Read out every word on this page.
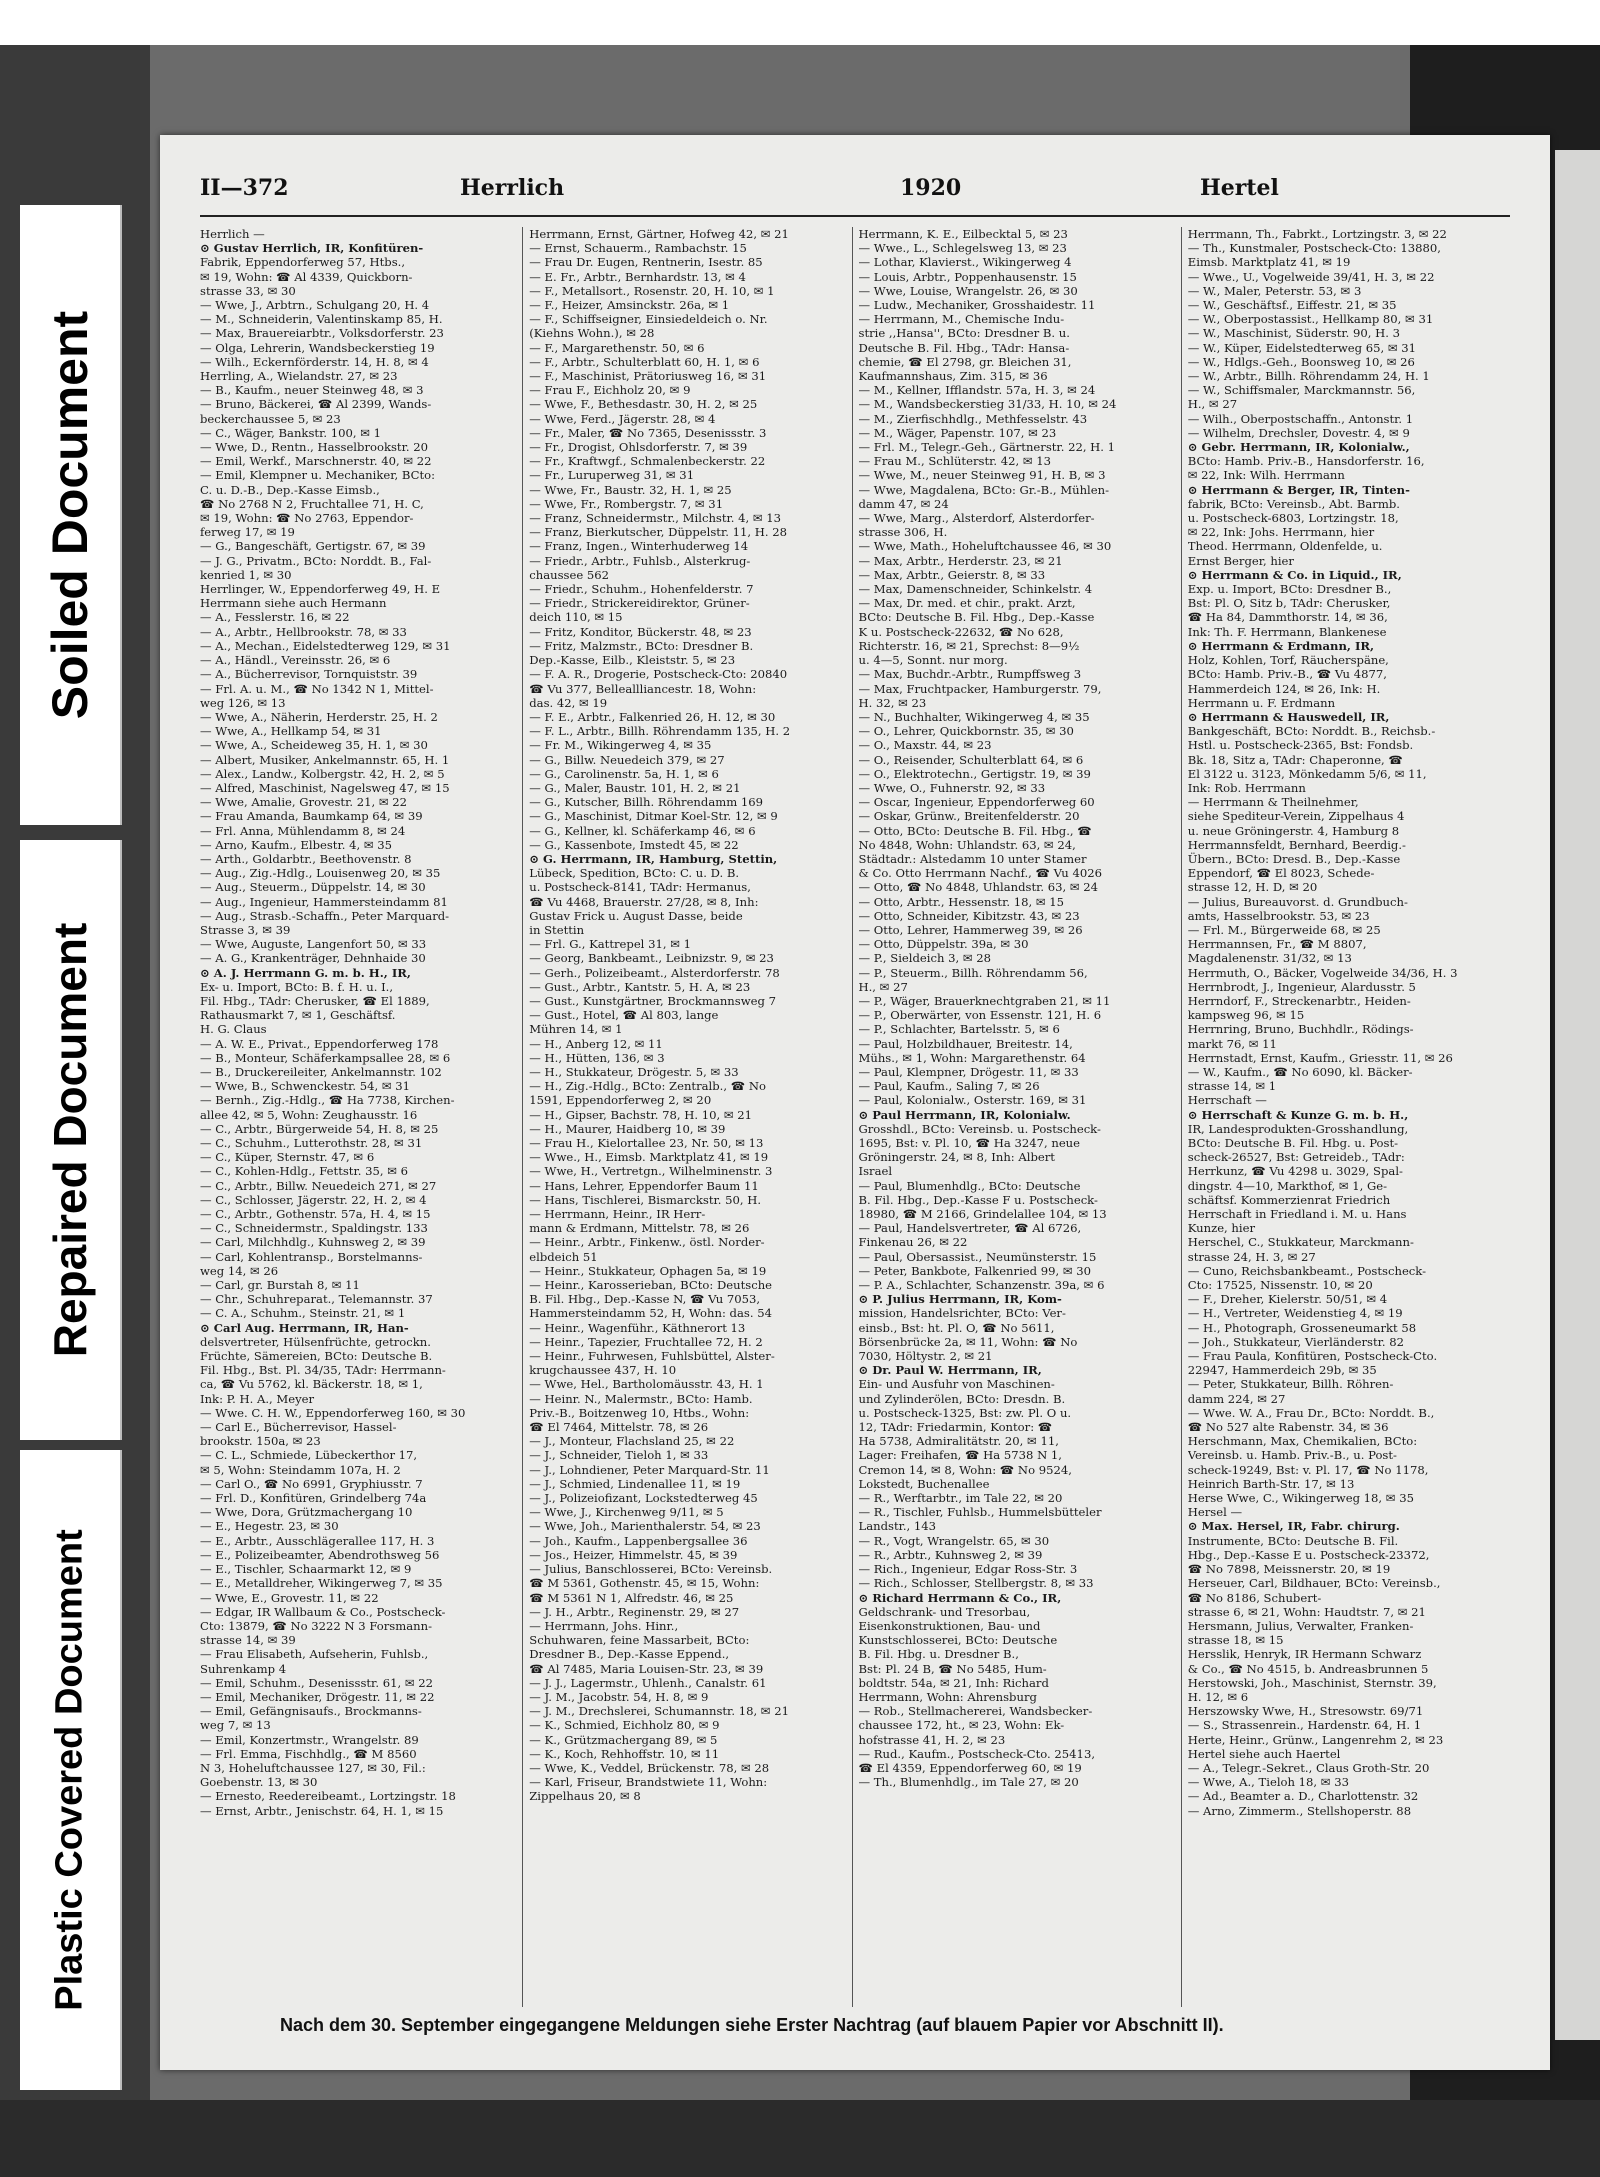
Soiled Document
Repaired Document
Plastic Covered Document
II—372	Herrlich	1920	Hertel
Herrlich —
⊙ Gustav Herrlich, IR, Konfitüren-
Fabrik, Eppendorferweg 57, Htbs.,
✉ 19, Wohn: ☎ Al 4339, Quickborn-
strasse 33, ✉ 30
— Wwe, J., Arbtrn., Schulgang 20, H. 4
— M., Schneiderin, Valentinskamp 85, H.
— Max, Brauereiarbtr., Volksdorferstr. 23
— Olga, Lehrerin, Wandsbeckerstieg 19
— Wilh., Eckernförderstr. 14, H. 8, ✉ 4
Herrling, A., Wielandstr. 27, ✉ 23
— B., Kaufm., neuer Steinweg 48, ✉ 3
— Bruno, Bäckerei, ☎ Al 2399, Wands-
beckerchaussee 5, ✉ 23
— C., Wäger, Bankstr. 100, ✉ 1
— Wwe, D., Rentn., Hasselbrookstr. 20
— Emil, Werkf., Marschnerstr. 40, ✉ 22
— Emil, Klempner u. Mechaniker, BCto:
C. u. D.-B., Dep.-Kasse Eimsb.,
☎ No 2768 N 2, Fruchtallee 71, H. C,
✉ 19, Wohn: ☎ No 2763, Eppendor-
ferweg 17, ✉ 19
— G., Bangeschäft, Gertigstr. 67, ✉ 39
— J. G., Privatm., BCto: Norddt. B., Fal-
kenried 1, ✉ 30
Herrlinger, W., Eppendorferweg 49, H. E
Herrmann siehe auch Hermann
— A., Fesslerstr. 16, ✉ 22
— A., Arbtr., Hellbrookstr. 78, ✉ 33
— A., Mechan., Eidelstedterweg 129, ✉ 31
— A., Händl., Vereinsstr. 26, ✉ 6
— A., Bücherrevisor, Tornquiststr. 39
— Frl. A. u. M., ☎ No 1342 N 1, Mittel-
weg 126, ✉ 13
— Wwe, A., Näherin, Herderstr. 25, H. 2
— Wwe, A., Hellkamp 54, ✉ 31
— Wwe, A., Scheideweg 35, H. 1, ✉ 30
— Albert, Musiker, Ankelmannstr. 65, H. 1
— Alex., Landw., Kolbergstr. 42, H. 2, ✉ 5
— Alfred, Maschinist, Nagelsweg 47, ✉ 15
— Wwe, Amalie, Grovestr. 21, ✉ 22
— Frau Amanda, Baumkamp 64, ✉ 39
— Frl. Anna, Mühlendamm 8, ✉ 24
— Arno, Kaufm., Elbestr. 4, ✉ 35
— Arth., Goldarbtr., Beethovenstr. 8
— Aug., Zig.-Hdlg., Louisenweg 20, ✉ 35
— Aug., Steuerm., Düppelstr. 14, ✉ 30
— Aug., Ingenieur, Hammersteindamm 81
— Aug., Strasb.-Schaffn., Peter Marquard-
Strasse 3, ✉ 39
— Wwe, Auguste, Langenfort 50, ✉ 33
— A. G., Krankenträger, Dehnhaide 30
⊙ A. J. Herrmann G. m. b. H., IR,
Ex- u. Import, BCto: B. f. H. u. I.,
Fil. Hbg., TAdr: Cherusker, ☎ El 1889,
Rathausmarkt 7, ✉ 1, Geschäftsf.
H. G. Claus
— A. W. E., Privat., Eppendorferweg 178
— B., Monteur, Schäferkampsallee 28, ✉ 6
— B., Druckereileiter, Ankelmannstr. 102
— Wwe, B., Schwenckestr. 54, ✉ 31
— Bernh., Zig.-Hdlg., ☎ Ha 7738, Kirchen-
allee 42, ✉ 5, Wohn: Zeughausstr. 16
— C., Arbtr., Bürgerweide 54, H. 8, ✉ 25
— C., Schuhm., Lutterothstr. 28, ✉ 31
— C., Küper, Sternstr. 47, ✉ 6
— C., Kohlen-Hdlg., Fettstr. 35, ✉ 6
— C., Arbtr., Billw. Neuedeich 271, ✉ 27
— C., Schlosser, Jägerstr. 22, H. 2, ✉ 4
— C., Arbtr., Gothenstr. 57a, H. 4, ✉ 15
— C., Schneidermstr., Spaldingstr. 133
— Carl, Milchhdlg., Kuhnsweg 2, ✉ 39
— Carl, Kohlentransp., Borstelmanns-
weg 14, ✉ 26
— Carl, gr. Burstah 8, ✉ 11
— Chr., Schuhreparat., Telemannstr. 37
— C. A., Schuhm., Steinstr. 21, ✉ 1
⊙ Carl Aug. Herrmann, IR, Han-
delsvertreter, Hülsenfrüchte, getrockn.
Früchte, Sämereien, BCto: Deutsche B.
Fil. Hbg., Bst. Pl. 34/35, TAdr: Herrmann-
ca, ☎ Vu 5762, kl. Bäckerstr. 18, ✉ 1,
Ink: P. H. A., Meyer
— Wwe. C. H. W., Eppendorferweg 160, ✉ 30
— Carl E., Bücherrevisor, Hassel-
brookstr. 150a, ✉ 23
— C. L., Schmiede, Lübeckerthor 17,
✉ 5, Wohn: Steindamm 107a, H. 2
— Carl O., ☎ No 6991, Gryphiusstr. 7
— Frl. D., Konfitüren, Grindelberg 74a
— Wwe, Dora, Grützmachergang 10
— E., Hegestr. 23, ✉ 30
— E., Arbtr., Ausschlägerallee 117, H. 3
— E., Polizeibeamter, Abendrothsweg 56
— E., Tischler, Schaarmarkt 12, ✉ 9
— E., Metalldreher, Wikingerweg 7, ✉ 35
— Wwe, E., Grovestr. 11, ✉ 22
— Edgar, IR Wallbaum & Co., Postscheck-
Cto: 13879, ☎ No 3222 N 3 Forsmann-
strasse 14, ✉ 39
— Frau Elisabeth, Aufseherin, Fuhlsb.,
Suhrenkamp 4
— Emil, Schuhm., Desenissstr. 61, ✉ 22
— Emil, Mechaniker, Drögestr. 11, ✉ 22
— Emil, Gefängnisaufs., Brockmanns-
weg 7, ✉ 13
— Emil, Konzertmstr., Wrangelstr. 89
— Frl. Emma, Fischhdlg., ☎ M 8560
N 3, Hoheluftchaussee 127, ✉ 30, Fil.:
Goebenstr. 13, ✉ 30
— Ernesto, Reedereibeamt., Lortzingstr. 18
— Ernst, Arbtr., Jenischstr. 64, H. 1, ✉ 15
Herrmann, Ernst, Gärtner, Hofweg 42, ✉ 21
— Ernst, Schauerm., Rambachstr. 15
— Frau Dr. Eugen, Rentnerin, Isestr. 85
— E. Fr., Arbtr., Bernhardstr. 13, ✉ 4
— F., Metallsort., Rosenstr. 20, H. 10, ✉ 1
— F., Heizer, Amsinckstr. 26a, ✉ 1
— F., Schiffseigner, Einsiedeldeich o. Nr.
(Kiehns Wohn.), ✉ 28
— F., Margarethenstr. 50, ✉ 6
— F., Arbtr., Schulterblatt 60, H. 1, ✉ 6
— F., Maschinist, Prätoriusweg 16, ✉ 31
— Frau F., Eichholz 20, ✉ 9
— Wwe, F., Bethesdastr. 30, H. 2, ✉ 25
— Wwe, Ferd., Jägerstr. 28, ✉ 4
— Fr., Maler, ☎ No 7365, Desenissstr. 3
— Fr., Drogist, Ohlsdorferstr. 7, ✉ 39
— Fr., Kraftwgf., Schmalenbeckerstr. 22
— Fr., Luruperweg 31, ✉ 31
— Wwe, Fr., Baustr. 32, H. 1, ✉ 25
— Wwe, Fr., Rombergstr. 7, ✉ 31
— Franz, Schneidermstr., Milchstr. 4, ✉ 13
— Franz, Bierkutscher, Düppelstr. 11, H. 28
— Franz, Ingen., Winterhuderweg 14
— Friedr., Arbtr., Fuhlsb., Alsterkrug-
chaussee 562
— Friedr., Schuhm., Hohenfelderstr. 7
— Friedr., Strickereidirektor, Grüner-
deich 110, ✉ 15
— Fritz, Konditor, Bückerstr. 48, ✉ 23
— Fritz, Malzmstr., BCto: Dresdner B.
Dep.-Kasse, Eilb., Kleiststr. 5, ✉ 23
— F. A. R., Drogerie, Postscheck-Cto: 20840
☎ Vu 377, Belleallliancestr. 18, Wohn:
das. 42, ✉ 19
— F. E., Arbtr., Falkenried 26, H. 12, ✉ 30
— F. L., Arbtr., Billh. Röhrendamm 135, H. 2
— Fr. M., Wikingerweg 4, ✉ 35
— G., Billw. Neuedeich 379, ✉ 27
— G., Carolinenstr. 5a, H. 1, ✉ 6
— G., Maler, Baustr. 101, H. 2, ✉ 21
— G., Kutscher, Billh. Röhrendamm 169
— G., Maschinist, Ditmar Koel-Str. 12, ✉ 9
— G., Kellner, kl. Schäferkamp 46, ✉ 6
— G., Kassenbote, Imstedt 45, ✉ 22
⊙ G. Herrmann, IR, Hamburg, Stettin,
Lübeck, Spedition, BCto: C. u. D. B.
u. Postscheck-8141, TAdr: Hermanus,
☎ Vu 4468, Brauerstr. 27/28, ✉ 8, Inh:
Gustav Frick u. August Dasse, beide
in Stettin
— Frl. G., Kattrepel 31, ✉ 1
— Georg, Bankbeamt., Leibnizstr. 9, ✉ 23
— Gerh., Polizeibeamt., Alsterdorferstr. 78
— Gust., Arbtr., Kantstr. 5, H. A, ✉ 23
— Gust., Kunstgärtner, Brockmannsweg 7
— Gust., Hotel, ☎ Al 803, lange
Mühren 14, ✉ 1
— H., Anberg 12, ✉ 11
— H., Hütten, 136, ✉ 3
— H., Stukkateur, Drögestr. 5, ✉ 33
— H., Zig.-Hdlg., BCto: Zentralb., ☎ No
1591, Eppendorferweg 2, ✉ 20
— H., Gipser, Bachstr. 78, H. 10, ✉ 21
— H., Maurer, Haidberg 10, ✉ 39
— Frau H., Kielortallee 23, Nr. 50, ✉ 13
— Wwe., H., Eimsb. Marktplatz 41, ✉ 19
— Wwe, H., Vertretgn., Wilhelminenstr. 3
— Hans, Lehrer, Eppendorfer Baum 11
— Hans, Tischlerei, Bismarckstr. 50, H.
— Herrmann, Heinr., IR Herr-
mann & Erdmann, Mittelstr. 78, ✉ 26
— Heinr., Arbtr., Finkenw., östl. Norder-
elbdeich 51
— Heinr., Stukkateur, Ophagen 5a, ✉ 19
— Heinr., Karosserieban, BCto: Deutsche
B. Fil. Hbg., Dep.-Kasse N, ☎ Vu 7053,
Hammersteindamm 52, H, Wohn: das. 54
— Heinr., Wagenführ., Käthnerort 13
— Heinr., Tapezier, Fruchtallee 72, H. 2
— Heinr., Fuhrwesen, Fuhlsbüttel, Alster-
krugchaussee 437, H. 10
— Wwe, Hel., Bartholomäusstr. 43, H. 1
— Heinr. N., Malermstr., BCto: Hamb.
Priv.-B., Boitzenweg 10, Htbs., Wohn:
☎ El 7464, Mittelstr. 78, ✉ 26
— J., Monteur, Flachsland 25, ✉ 22
— J., Schneider, Tieloh 1, ✉ 33
— J., Lohndiener, Peter Marquard-Str. 11
— J., Schmied, Lindenallee 11, ✉ 19
— J., Polizeiofizant, Lockstedterweg 45
— Wwe, J., Kirchenweg 9/11, ✉ 5
— Wwe, Joh., Marienthalerstr. 54, ✉ 23
— Joh., Kaufm., Lappenbergsallee 36
— Jos., Heizer, Himmelstr. 45, ✉ 39
— Julius, Banschlosserei, BCto: Vereinsb.
☎ M 5361, Gothenstr. 45, ✉ 15, Wohn:
☎ M 5361 N 1, Alfredstr. 46, ✉ 25
— J. H., Arbtr., Reginenstr. 29, ✉ 27
— Herrmann, Johs. Hinr.,
Schuhwaren, feine Massarbeit, BCto:
Dresdner B., Dep.-Kasse Eppend.,
☎ Al 7485, Maria Louisen-Str. 23, ✉ 39
— J. J., Lagermstr., Uhlenh., Canalstr. 61
— J. M., Jacobstr. 54, H. 8, ✉ 9
— J. M., Drechslerei, Schumannstr. 18, ✉ 21
— K., Schmied, Eichholz 80, ✉ 9
— K., Grützmachergang 89, ✉ 5
— K., Koch, Rehhoffstr. 10, ✉ 11
— Wwe, K., Veddel, Brückenstr. 78, ✉ 28
— Karl, Friseur, Brandstwiete 11, Wohn:
Zippelhaus 20, ✉ 8
Herrmann, K. E., Eilbecktal 5, ✉ 23
— Wwe., L., Schlegelsweg 13, ✉ 23
— Lothar, Klavierst., Wikingerweg 4
— Louis, Arbtr., Poppenhausenstr. 15
— Wwe, Louise, Wrangelstr. 26, ✉ 30
— Ludw., Mechaniker, Grosshaidestr. 11
— Herrmann, M., Chemische Indu-
strie ,,Hansa'', BCto: Dresdner B. u.
Deutsche B. Fil. Hbg., TAdr: Hansa-
chemie, ☎ El 2798, gr. Bleichen 31,
Kaufmannshaus, Zim. 315, ✉ 36
— M., Kellner, Ifflandstr. 57a, H. 3, ✉ 24
— M., Wandsbeckerstieg 31/33, H. 10, ✉ 24
— M., Zierfischhdlg., Methfesselstr. 43
— M., Wäger, Papenstr. 107, ✉ 23
— Frl. M., Telegr.-Geh., Gärtnerstr. 22, H. 1
— Frau M., Schlüterstr. 42, ✉ 13
— Wwe, M., neuer Steinweg 91, H. B, ✉ 3
— Wwe, Magdalena, BCto: Gr.-B., Mühlen-
damm 47, ✉ 24
— Wwe, Marg., Alsterdorf, Alsterdorfer-
strasse 306, H.
— Wwe, Math., Hoheluftchaussee 46, ✉ 30
— Max, Arbtr., Herderstr. 23, ✉ 21
— Max, Arbtr., Geierstr. 8, ✉ 33
— Max, Damenschneider, Schinkelstr. 4
— Max, Dr. med. et chir., prakt. Arzt,
BCto: Deutsche B. Fil. Hbg., Dep.-Kasse
K u. Postscheck-22632, ☎ No 628,
Richterstr. 16, ✉ 21, Sprechst: 8—9½
u. 4—5, Sonnt. nur morg.
— Max, Buchdr.-Arbtr., Rumpffsweg 3
— Max, Fruchtpacker, Hamburgerstr. 79,
H. 32, ✉ 23
— N., Buchhalter, Wikingerweg 4, ✉ 35
— O., Lehrer, Quickbornstr. 35, ✉ 30
— O., Maxstr. 44, ✉ 23
— O., Reisender, Schulterblatt 64, ✉ 6
— O., Elektrotechn., Gertigstr. 19, ✉ 39
— Wwe, O., Fuhnerstr. 92, ✉ 33
— Oscar, Ingenieur, Eppendorferweg 60
— Oskar, Grünw., Breitenfelderstr. 20
— Otto, BCto: Deutsche B. Fil. Hbg., ☎
No 4848, Wohn: Uhlandstr. 63, ✉ 24,
Städtadr.: Alstedamm 10 unter Stamer
& Co. Otto Herrmann Nachf., ☎ Vu 4026
— Otto, ☎ No 4848, Uhlandstr. 63, ✉ 24
— Otto, Arbtr., Hessenstr. 18, ✉ 15
— Otto, Schneider, Kibitzstr. 43, ✉ 23
— Otto, Lehrer, Hammerweg 39, ✉ 26
— Otto, Düppelstr. 39a, ✉ 30
— P., Sieldeich 3, ✉ 28
— P., Steuerm., Billh. Röhrendamm 56,
H., ✉ 27
— P., Wäger, Brauerknechtgraben 21, ✉ 11
— P., Oberwärter, von Essenstr. 121, H. 6
— P., Schlachter, Bartelsstr. 5, ✉ 6
— Paul, Holzbildhauer, Breitestr. 14,
Mühs., ✉ 1, Wohn: Margarethenstr. 64
— Paul, Klempner, Drögestr. 11, ✉ 33
— Paul, Kaufm., Saling 7, ✉ 26
— Paul, Kolonialw., Osterstr. 169, ✉ 31
⊙ Paul Herrmann, IR, Kolonialw.
Grosshdl., BCto: Vereinsb. u. Postscheck-
1695, Bst: v. Pl. 10, ☎ Ha 3247, neue
Gröningerstr. 24, ✉ 8, Inh: Albert
Israel
— Paul, Blumenhdlg., BCto: Deutsche
B. Fil. Hbg., Dep.-Kasse F u. Postscheck-
18980, ☎ M 2166, Grindelallee 104, ✉ 13
— Paul, Handelsvertreter, ☎ Al 6726,
Finkenau 26, ✉ 22
— Paul, Obersassist., Neumünsterstr. 15
— Peter, Bankbote, Falkenried 99, ✉ 30
— P. A., Schlachter, Schanzenstr. 39a, ✉ 6
⊙ P. Julius Herrmann, IR, Kom-
mission, Handelsrichter, BCto: Ver-
einsb., Bst: ht. Pl. O, ☎ No 5611,
Börsenbrücke 2a, ✉ 11, Wohn: ☎ No
7030, Höltystr. 2, ✉ 21
⊙ Dr. Paul W. Herrmann, IR,
Ein- und Ausfuhr von Maschinen-
und Zylinderölen, BCto: Dresdn. B.
u. Postscheck-1325, Bst: zw. Pl. O u.
12, TAdr: Friedarmin, Kontor: ☎
Ha 5738, Admiralitätstr. 20, ✉ 11,
Lager: Freihafen, ☎ Ha 5738 N 1,
Cremon 14, ✉ 8, Wohn: ☎ No 9524,
Lokstedt, Buchenallee
— R., Werftarbtr., im Tale 22, ✉ 20
— R., Tischler, Fuhlsb., Hummelsbütteler
Landstr., 143
— R., Vogt, Wrangelstr. 65, ✉ 30
— R., Arbtr., Kuhnsweg 2, ✉ 39
— Rich., Ingenieur, Edgar Ross-Str. 3
— Rich., Schlosser, Stellbergstr. 8, ✉ 33
⊙ Richard Herrmann & Co., IR,
Geldschrank- und Tresorbau,
Eisenkonstruktionen, Bau- und
Kunstschlosserei, BCto: Deutsche
B. Fil. Hbg. u. Dresdner B.,
Bst: Pl. 24 B, ☎ No 5485, Hum-
boldtstr. 54a, ✉ 21, Inh: Richard
Herrmann, Wohn: Ahrensburg
— Rob., Stellmachererei, Wandsbecker-
chaussee 172, ht., ✉ 23, Wohn: Ek-
hofstrasse 41, H. 2, ✉ 23
— Rud., Kaufm., Postscheck-Cto. 25413,
☎ El 4359, Eppendorferweg 60, ✉ 19
— Th., Blumenhdlg., im Tale 27, ✉ 20
Herrmann, Th., Fabrkt., Lortzingstr. 3, ✉ 22
— Th., Kunstmaler, Postscheck-Cto: 13880,
Eimsb. Marktplatz 41, ✉ 19
— Wwe., U., Vogelweide 39/41, H. 3, ✉ 22
— W., Maler, Peterstr. 53, ✉ 3
— W., Geschäftsf., Eiffestr. 21, ✉ 35
— W., Oberpostassist., Hellkamp 80, ✉ 31
— W., Maschinist, Süderstr. 90, H. 3
— W., Küper, Eidelstedterweg 65, ✉ 31
— W., Hdlgs.-Geh., Boonsweg 10, ✉ 26
— W., Arbtr., Billh. Röhrendamm 24, H. 1
— W., Schiffsmaler, Marckmannstr. 56,
H., ✉ 27
— Wilh., Oberpostschaffn., Antonstr. 1
— Wilhelm, Drechsler, Dovestr. 4, ✉ 9
⊙ Gebr. Herrmann, IR, Kolonialw.,
BCto: Hamb. Priv.-B., Hansdorferstr. 16,
✉ 22, Ink: Wilh. Herrmann
⊙ Herrmann & Berger, IR, Tinten-
fabrik, BCto: Vereinsb., Abt. Barmb.
u. Postscheck-6803, Lortzingstr. 18,
✉ 22, Ink: Johs. Herrmann, hier
Theod. Herrmann, Oldenfelde, u.
Ernst Berger, hier
⊙ Herrmann & Co. in Liquid., IR,
Exp. u. Import, BCto: Dresdner B.,
Bst: Pl. O, Sitz b, TAdr: Cherusker,
☎ Ha 84, Dammthorstr. 14, ✉ 36,
Ink: Th. F. Herrmann, Blankenese
⊙ Herrmann & Erdmann, IR,
Holz, Kohlen, Torf, Räucherspäne,
BCto: Hamb. Priv.-B., ☎ Vu 4877,
Hammerdeich 124, ✉ 26, Ink: H.
Herrmann u. F. Erdmann
⊙ Herrmann & Hauswedell, IR,
Bankgeschäft, BCto: Norddt. B., Reichsb.-
Hstl. u. Postscheck-2365, Bst: Fondsb.
Bk. 18, Sitz a, TAdr: Chaperonne, ☎
El 3122 u. 3123, Mönkedamm 5/6, ✉ 11,
Ink: Rob. Herrmann
— Herrmann & Theilnehmer,
siehe Spediteur-Verein, Zippelhaus 4
u. neue Gröningerstr. 4, Hamburg 8
Herrmannsfeldt, Bernhard, Beerdig.-
Übern., BCto: Dresd. B., Dep.-Kasse
Eppendorf, ☎ El 8023, Schede-
strasse 12, H. D, ✉ 20
— Julius, Bureauvorst. d. Grundbuch-
amts, Hasselbrookstr. 53, ✉ 23
— Frl. M., Bürgerweide 68, ✉ 25
Herrmannsen, Fr., ☎ M 8807,
Magdalenenstr. 31/32, ✉ 13
Herrmuth, O., Bäcker, Vogelweide 34/36, H. 3
Herrnbrodt, J., Ingenieur, Alardusstr. 5
Herrndorf, F., Streckenarbtr., Heiden-
kampsweg 96, ✉ 15
Herrnring, Bruno, Buchhdlr., Rödings-
markt 76, ✉ 11
Herrnstadt, Ernst, Kaufm., Griesstr. 11, ✉ 26
— W., Kaufm., ☎ No 6090, kl. Bäcker-
strasse 14, ✉ 1
Herrschaft —
⊙ Herrschaft & Kunze G. m. b. H.,
IR, Landesprodukten-Grosshandlung,
BCto: Deutsche B. Fil. Hbg. u. Post-
scheck-26527, Bst: Getreideb., TAdr:
Herrkunz, ☎ Vu 4298 u. 3029, Spal-
dingstr. 4—10, Markthof, ✉ 1, Ge-
schäftsf. Kommerzienrat Friedrich
Herrschaft in Friedland i. M. u. Hans
Kunze, hier
Herschel, C., Stukkateur, Marckmann-
strasse 24, H. 3, ✉ 27
— Cuno, Reichsbankbeamt., Postscheck-
Cto: 17525, Nissenstr. 10, ✉ 20
— F., Dreher, Kielerstr. 50/51, ✉ 4
— H., Vertreter, Weidenstieg 4, ✉ 19
— H., Photograph, Grosseneumarkt 58
— Joh., Stukkateur, Vierländerstr. 82
— Frau Paula, Konfitüren, Postscheck-Cto.
22947, Hammerdeich 29b, ✉ 35
— Peter, Stukkateur, Billh. Röhren-
damm 224, ✉ 27
— Wwe. W. A., Frau Dr., BCto: Norddt. B.,
☎ No 527 alte Rabenstr. 34, ✉ 36
Herschmann, Max, Chemikalien, BCto:
Vereinsb. u. Hamb. Priv.-B., u. Post-
scheck-19249, Bst: v. Pl. 17, ☎ No 1178,
Heinrich Barth-Str. 17, ✉ 13
Herse Wwe, C., Wikingerweg 18, ✉ 35
Hersel —
⊙ Max. Hersel, IR, Fabr. chirurg.
Instrumente, BCto: Deutsche B. Fil.
Hbg., Dep.-Kasse E u. Postscheck-23372,
☎ No 7898, Meissnerstr. 20, ✉ 19
Herseuer, Carl, Bildhauer, BCto: Vereinsb.,
☎ No 8186, Schubert-
strasse 6, ✉ 21, Wohn: Haudtstr. 7, ✉ 21
Hersmann, Julius, Verwalter, Franken-
strasse 18, ✉ 15
Hersslik, Henryk, IR Hermann Schwarz
& Co., ☎ No 4515, b. Andreasbrunnen 5
Herstowski, Joh., Maschinist, Sternstr. 39,
H. 12, ✉ 6
Herszowsky Wwe, H., Stresowstr. 69/71
— S., Strassenrein., Hardenstr. 64, H. 1
Herte, Heinr., Grünw., Langenrehm 2, ✉ 23
Hertel siehe auch Haertel
— A., Telegr.-Sekret., Claus Groth-Str. 20
— Wwe, A., Tieloh 18, ✉ 33
— Ad., Beamter a. D., Charlottenstr. 32
— Arno, Zimmerm., Stellshoperstr. 88
Nach dem 30. September eingegangene Meldungen siehe Erster Nachtrag (auf blauem Papier vor Abschnitt II).
